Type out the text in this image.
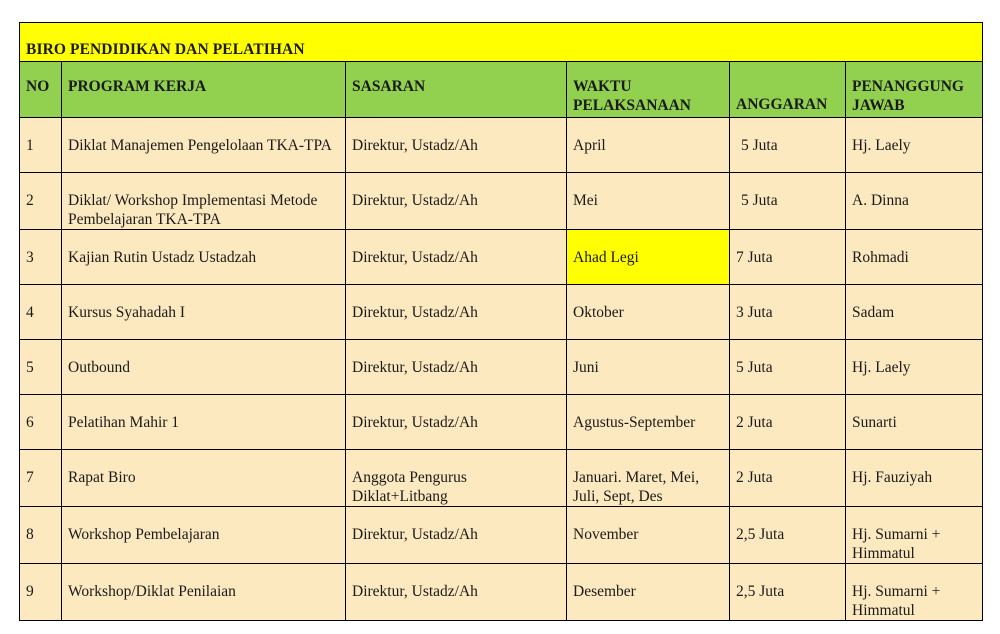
BIRO PENDIDIKAN DAN PELATIHAN					
NO	PROGRAM KERJA	SASARAN	WAKTU PELAKSANAAN	ANGGARAN	PENANGGUNG JAWAB
1	Diklat Manajemen Pengelolaan TKA-TPA	Direktur, Ustadz/Ah	April	5 Juta	Hj. Laely
2	Diklat/ Workshop Implementasi Metode Pembelajaran TKA-TPA	Direktur, Ustadz/Ah	Mei	5 Juta	A. Dinna
3	Kajian Rutin Ustadz Ustadzah	Direktur, Ustadz/Ah	Ahad Legi	7 Juta	Rohmadi
4	Kursus Syahadah I	Direktur, Ustadz/Ah	Oktober	3 Juta	Sadam
5	Outbound	Direktur, Ustadz/Ah	Juni	5 Juta	Hj. Laely
6	Pelatihan Mahir 1	Direktur, Ustadz/Ah	Agustus-September	2 Juta	Sunarti
7	Rapat Biro	Anggota Pengurus Diklat+Litbang	Januari. Maret, Mei, Juli, Sept, Des	2 Juta	Hj. Fauziyah
8	Workshop Pembelajaran	Direktur, Ustadz/Ah	November	2,5 Juta	Hj. Sumarni + Himmatul
9	Workshop/Diklat Penilaian	Direktur, Ustadz/Ah	Desember	2,5 Juta	Hj. Sumarni + Himmatul
